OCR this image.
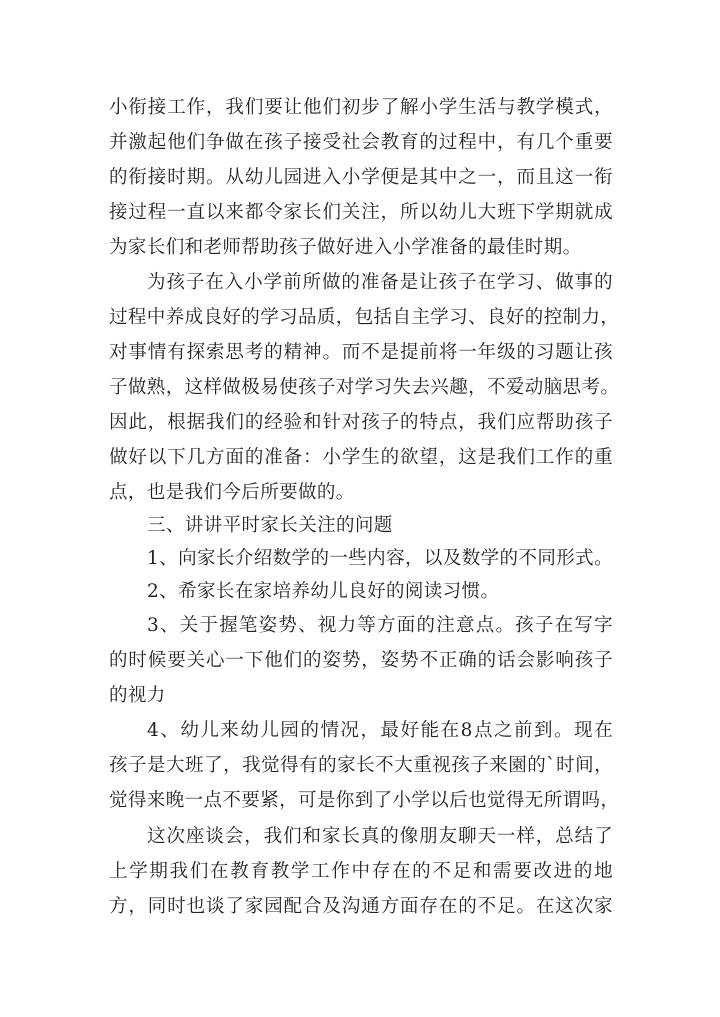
小衔接工作，我们要让他们初步了解小学生活与教学模式，
并激起他们争做在孩子接受社会教育的过程中，有几个重要
的衔接时期。从幼儿园进入小学便是其中之一，而且这一衔
接过程一直以来都令家长们关注，所以幼儿大班下学期就成
为家长们和老师帮助孩子做好进入小学准备的最佳时期。
为孩子在入小学前所做的准备是让孩子在学习、做事的
过程中养成良好的学习品质，包括自主学习、良好的控制力，
对事情有探索思考的精神。而不是提前将一年级的习题让孩
子做熟，这样做极易使孩子对学习失去兴趣，不爱动脑思考。
因此，根据我们的经验和针对孩子的特点，我们应帮助孩子
做好以下几方面的准备：小学生的欲望，这是我们工作的重
点，也是我们今后所要做的。
三、讲讲平时家长关注的问题
1、向家长介绍数学的一些内容，以及数学的不同形式。
2、希家长在家培养幼儿良好的阅读习惯。
3、关于握笔姿势、视力等方面的注意点。孩子在写字
的时候要关心一下他们的姿势，姿势不正确的话会影响孩子
的视力
4、幼儿来幼儿园的情况，最好能在8点之前到。现在
孩子是大班了，我觉得有的家长不大重视孩子来園的`时间，
觉得来晚一点不要紧，可是你到了小学以后也觉得无所谓吗，
这次座谈会，我们和家长真的像朋友聊天一样，总结了
上学期我们在教育教学工作中存在的不足和需要改进的地
方，同时也谈了家园配合及沟通方面存在的不足。在这次家
